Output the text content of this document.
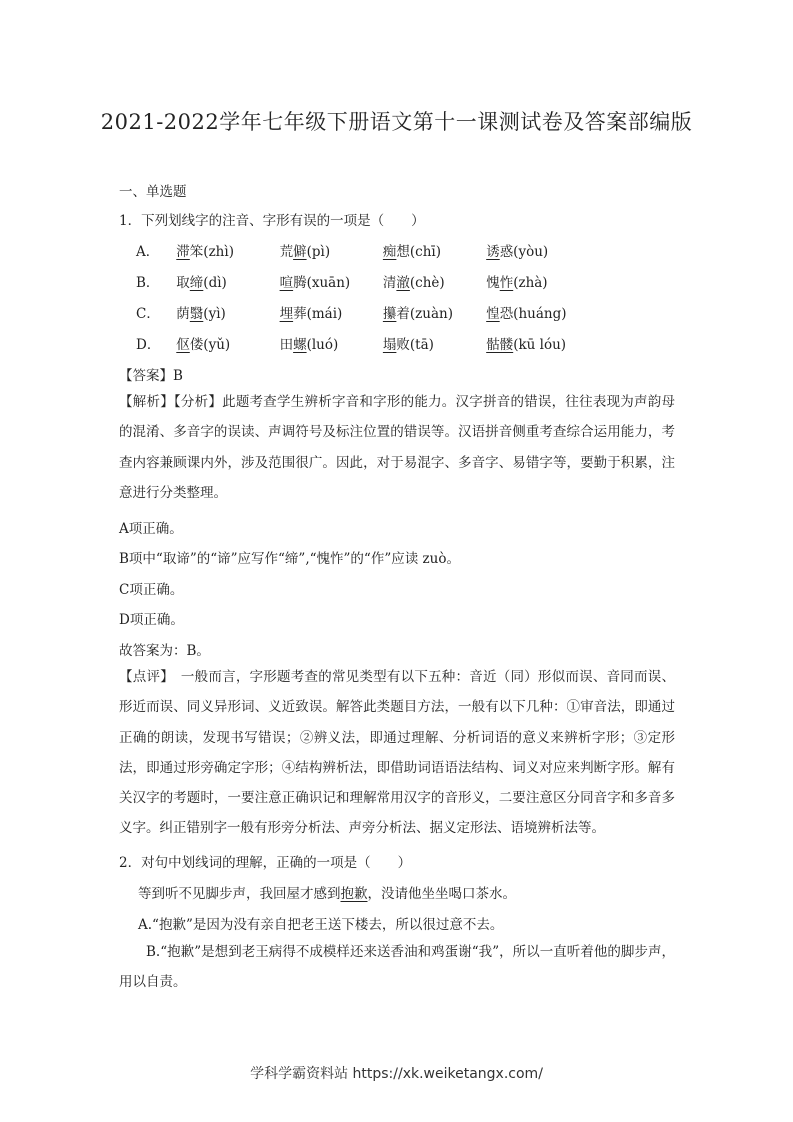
2021-2022学年七年级下册语文第十一课测试卷及答案部编版
一、单选题
1．下列划线字的注音、字形有误的一项是（　　）
A． 滞笨(zhì)	荒僻(pì)	痴想(chī)	诱惑(yòu)
B． 取缔(dì)	喧腾(xuān) 清澈(chè)	愧怍(zhà)
C． 荫翳(yì)	埋葬(mái)	攥着(zuàn) 惶恐(huáng)
D． 伛偻(yǔ)	田螺(luó)	塌败(tā)	骷髅(kū lóu)
【答案】B
【解析】【分析】此题考查学生辨析字音和字形的能力。汉字拼音的错误，往往表现为声韵母的混淆、多音字的误读、声调符号及标注位置的错误等。汉语拼音侧重考查综合运用能力，考查内容兼顾课内外，涉及范围很广。因此，对于易混字、多音字、易错字等，要勤于积累，注意进行分类整理。
A项正确。
B项中“取谛”的“谛”应写作“缔”,“愧怍”的“作”应读 zuò。
C项正确。
D项正确。
故答案为：B。
【点评】　一般而言，字形题考查的常见类型有以下五种：音近（同）形似而误、音同而误、形近而误、同义异形词、义近致误。解答此类题目方法，一般有以下几种：①审音法，即通过正确的朗读，发现书写错误；②辨义法，即通过理解、分析词语的意义来辨析字形；③定形法，即通过形旁确定字形；④结构辨析法，即借助词语语法结构、词义对应来判断字形。解有关汉字的考题时，一要注意正确识记和理解常用汉字的音形义，二要注意区分同音字和多音多义字。纠正错别字一般有形旁分析法、声旁分析法、据义定形法、语境辨析法等。
2．对句中划线词的理解，正确的一项是（　　）
等到听不见脚步声，我回屋才感到抱歉，没请他坐坐喝口茶水。
A.“抱歉”是因为没有亲自把老王送下楼去，所以很过意不去。
B.“抱歉”是想到老王病得不成模样还来送香油和鸡蛋谢“我”，所以一直听着他的脚步声，用以自责。
学科学霸资料站 https://xk.weiketangx.com/
